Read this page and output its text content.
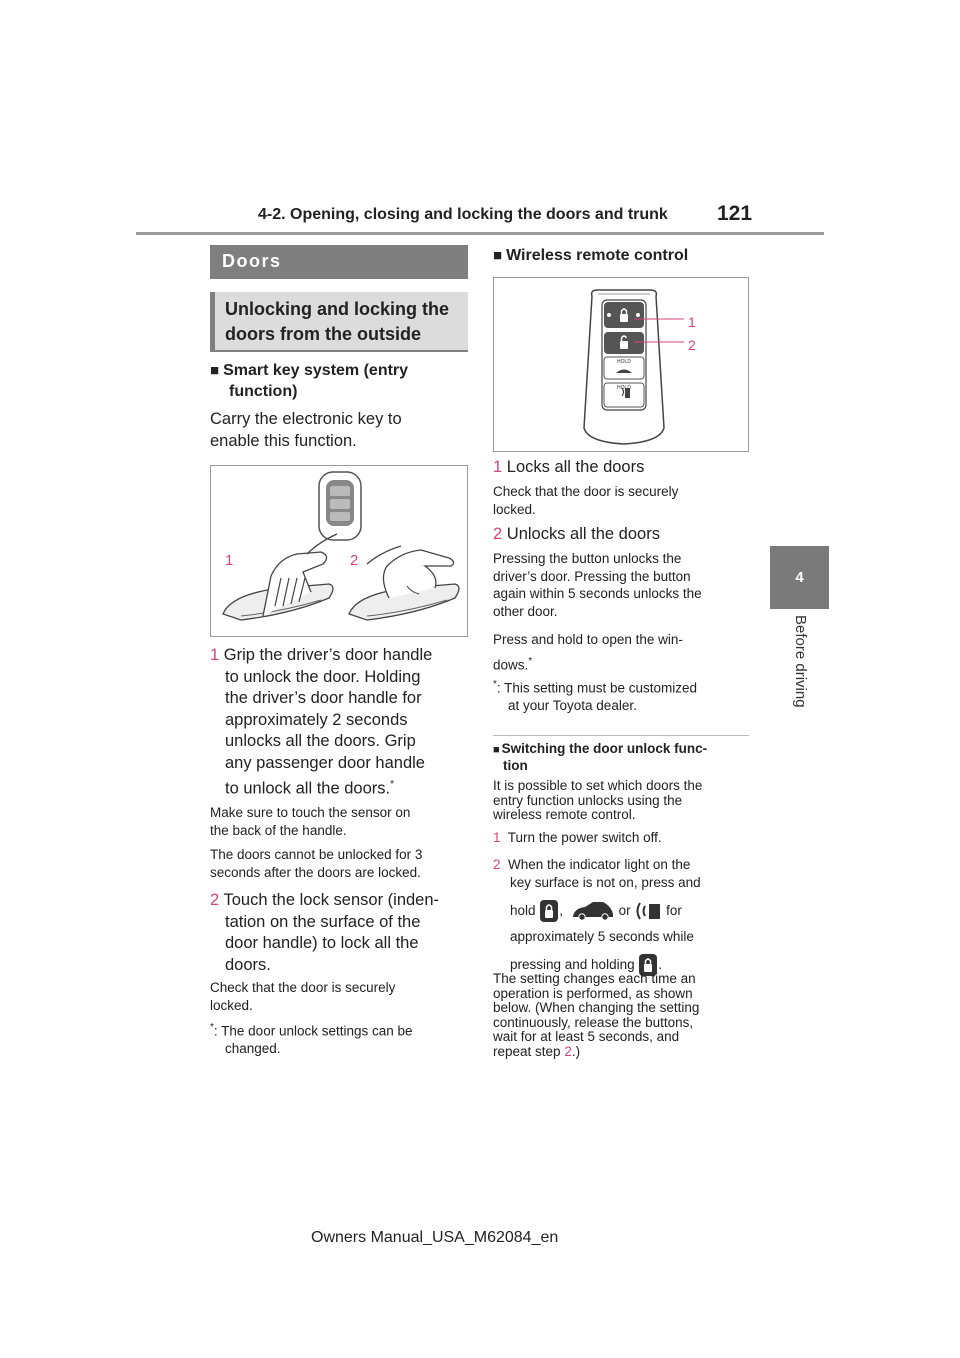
4-2. Opening, closing and locking the doors and trunk 121
4
Before driving
Doors
Unlocking and locking the
doors from the outside
■ Smart key system (entry
function)
Carry the electronic key to
enable this function.
1	2
1 Grip the driver’s door handle
to unlock the door. Holding
the driver’s door handle for
approximately 2 seconds
unlocks all the doors. Grip
any passenger door handle
to unlock all the doors.*
Make sure to touch the sensor on
the back of the handle.
The doors cannot be unlocked for 3
seconds after the doors are locked.
2 Touch the lock sensor (inden-
tation on the surface of the
door handle) to lock all the
doors.
Check that the door is securely
locked.
*: The door unlock settings can be
changed.
■ Wireless remote control
HOLD
HOLD
1
2
1 Locks all the doors
Check that the door is securely
locked.
2 Unlocks all the doors
Pressing the button unlocks the
driver’s door. Pressing the button
again within 5 seconds unlocks the
other door.
Press and hold to open the win-
dows.*
*: This setting must be customized
at your Toyota dealer.
■ Switching the door unlock func-
tion
It is possible to set which doors the
entry function unlocks using the
wireless remote control.
1 Turn the power switch off.
2 When the indicator light on the
key surface is not on, press and
hold ,	or	for
approximately 5 seconds while
pressing and holding .
The setting changes each time an
operation is performed, as shown
below. (When changing the setting
continuously, release the buttons,
wait for at least 5 seconds, and
repeat step 2.)
Owners Manual_USA_M62084_en
